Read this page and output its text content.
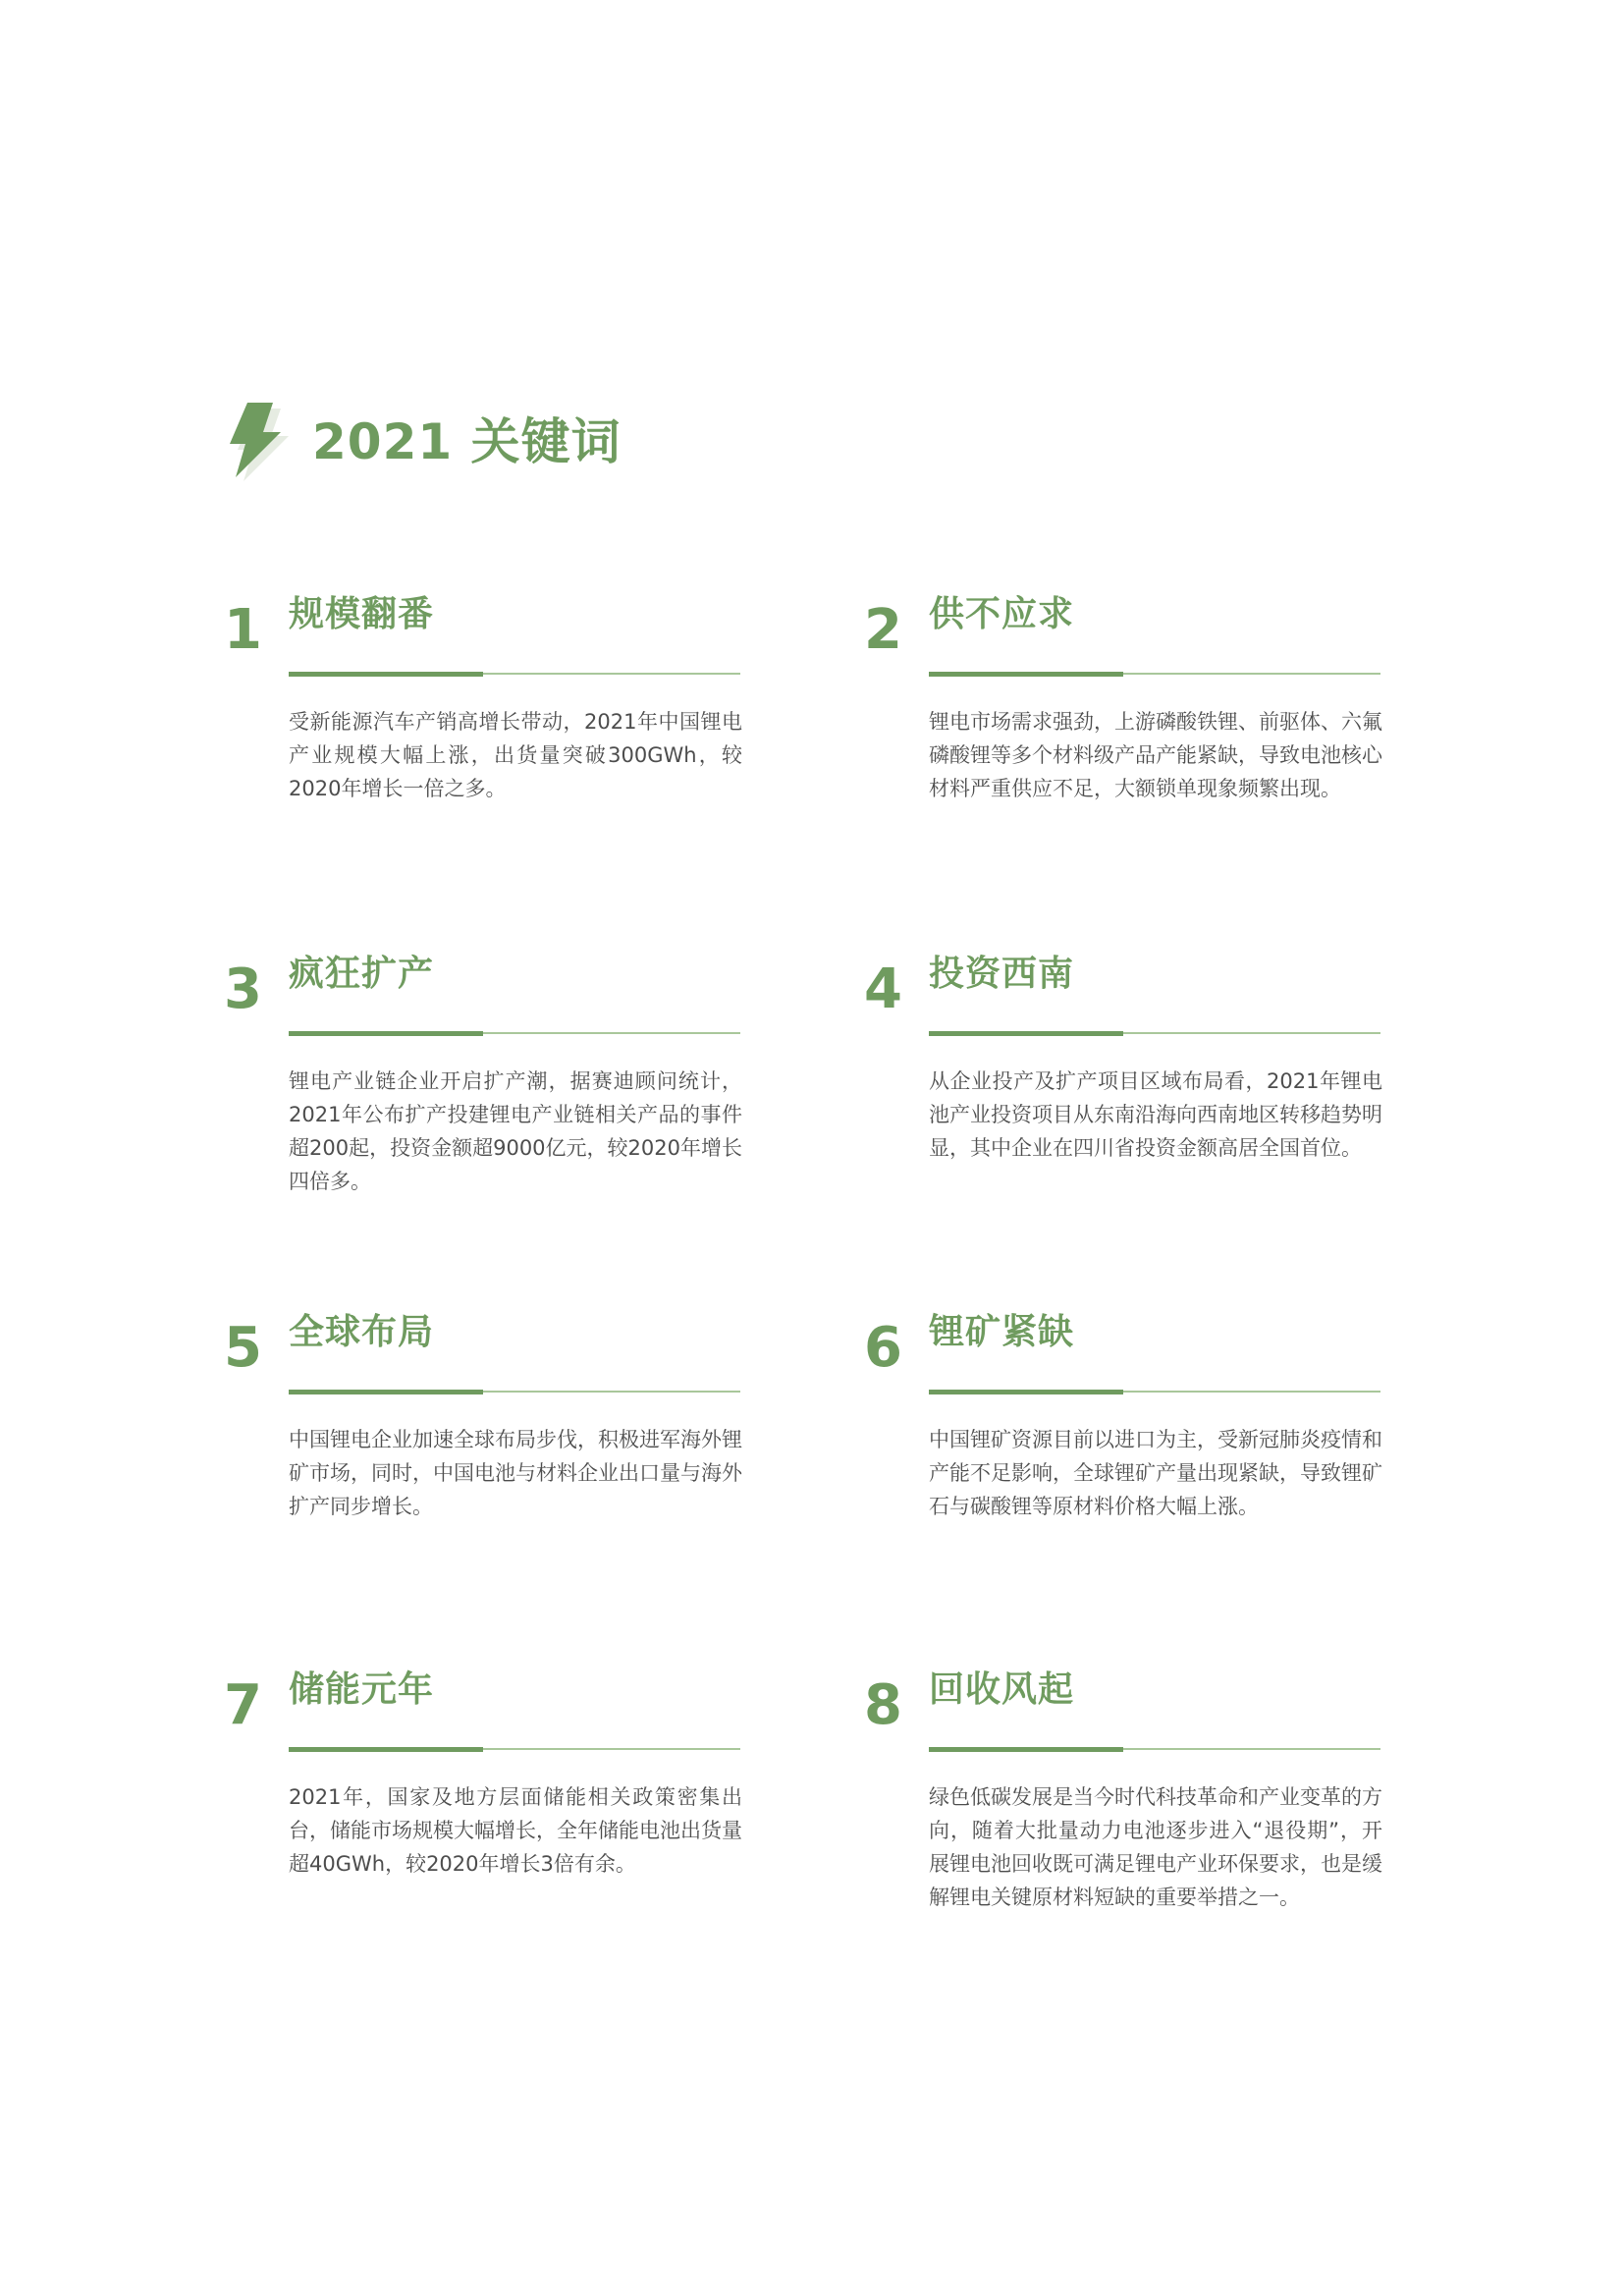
2021 关键词
1 规模翻番

受新能源汽车产销高增长带动，2021年中国锂电产业规模大幅上涨，出货量突破300GWh，较2020年增长一倍之多。

2 供不应求

锂电市场需求强劲，上游磷酸铁锂、前驱体、六氟磷酸锂等多个材料级产品产能紧缺，导致电池核心材料严重供应不足，大额锁单现象频繁出现。

3 疯狂扩产

锂电产业链企业开启扩产潮，据赛迪顾问统计，2021年公布扩产投建锂电产业链相关产品的事件超200起，投资金额超9000亿元，较2020年增长四倍多。

4 投资西南

从企业投产及扩产项目区域布局看，2021年锂电池产业投资项目从东南沿海向西南地区转移趋势明显，其中企业在四川省投资金额高居全国首位。

5 全球布局

中国锂电企业加速全球布局步伐，积极进军海外锂矿市场，同时，中国电池与材料企业出口量与海外扩产同步增长。

6 锂矿紧缺

中国锂矿资源目前以进口为主，受新冠肺炎疫情和产能不足影响，全球锂矿产量出现紧缺，导致锂矿石与碳酸锂等原材料价格大幅上涨。

7 储能元年

2021年，国家及地方层面储能相关政策密集出台，储能市场规模大幅增长，全年储能电池出货量超40GWh，较2020年增长3倍有余。

8 回收风起

绿色低碳发展是当今时代科技革命和产业变革的方向，随着大批量动力电池逐步进入“退役期”，开展锂电池回收既可满足锂电产业环保要求，也是缓解锂电关键原材料短缺的重要举措之一。
